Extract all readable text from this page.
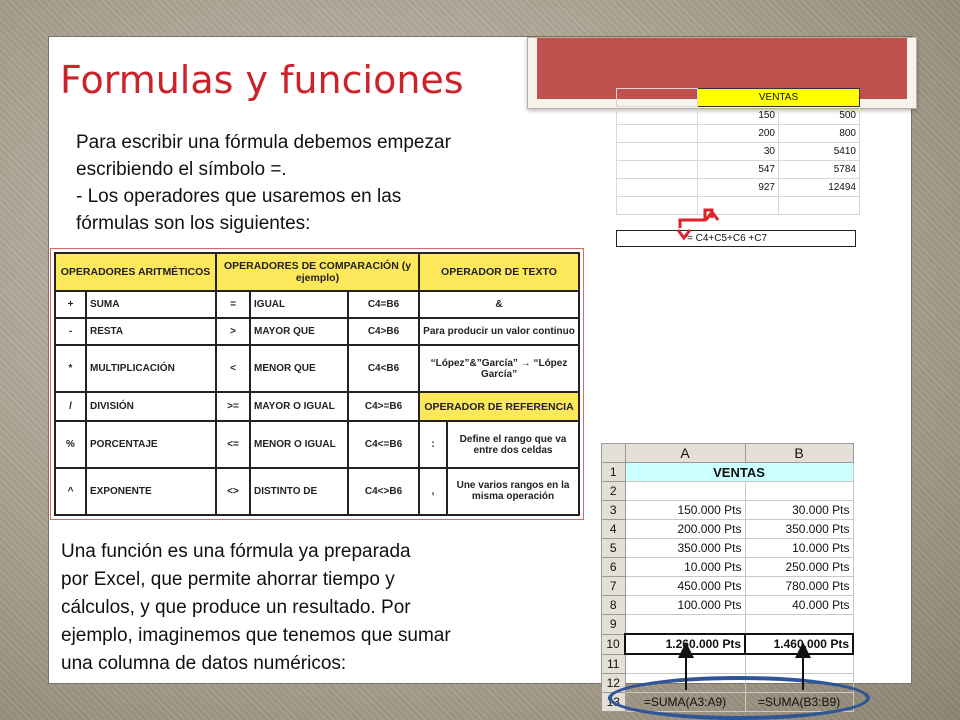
Formulas y funciones
Para escribir una fórmula debemos empezar
escribiendo el símbolo =.
- Los operadores que usaremos en las
fórmulas son los siguientes:
OPERADORES ARITMÉTICOS		OPERADORES DE COMPARACIÓN (y ejemplo)			OPERADOR DE TEXTO	
+	SUMA	=	IGUAL	C4=B6	&	
-	RESTA	>	MAYOR QUE	C4>B6	Para producir un valor continuo	
*	MULTIPLICACIÓN	<	MENOR QUE	C4<B6	“López”&”García” → “López García”	
/	DIVISIÓN	>=	MAYOR O IGUAL	C4>=B6	OPERADOR DE REFERENCIA	
%	PORCENTAJE	<=	MENOR O IGUAL	C4<=B6	:	Define el rango que va entre dos celdas
^	EXPONENTE	<>	DISTINTO DE	C4<>B6	,	Une varios rangos en la misma operación
	VENTAS	
	150	500
	200	800
	30	5410
	547	5784
	927	12494

= C4+C5+C6 +C7
Una función es una fórmula ya preparada
por Excel, que permite ahorrar tiempo y
cálculos, y que produce un resultado. Por
ejemplo, imaginemos que tenemos que sumar
una columna de datos numéricos:
	A	B
1	VENTAS	
2		
3	150.000 Pts	30.000 Pts
4	200.000 Pts	350.000 Pts
5	350.000 Pts	10.000 Pts
6	10.000 Pts	250.000 Pts
7	450.000 Pts	780.000 Pts
8	100.000 Pts	40.000 Pts
9		
10	1.260.000 Pts	1.460.000 Pts
11		
12		
13	=SUMA(A3:A9)	=SUMA(B3:B9)
